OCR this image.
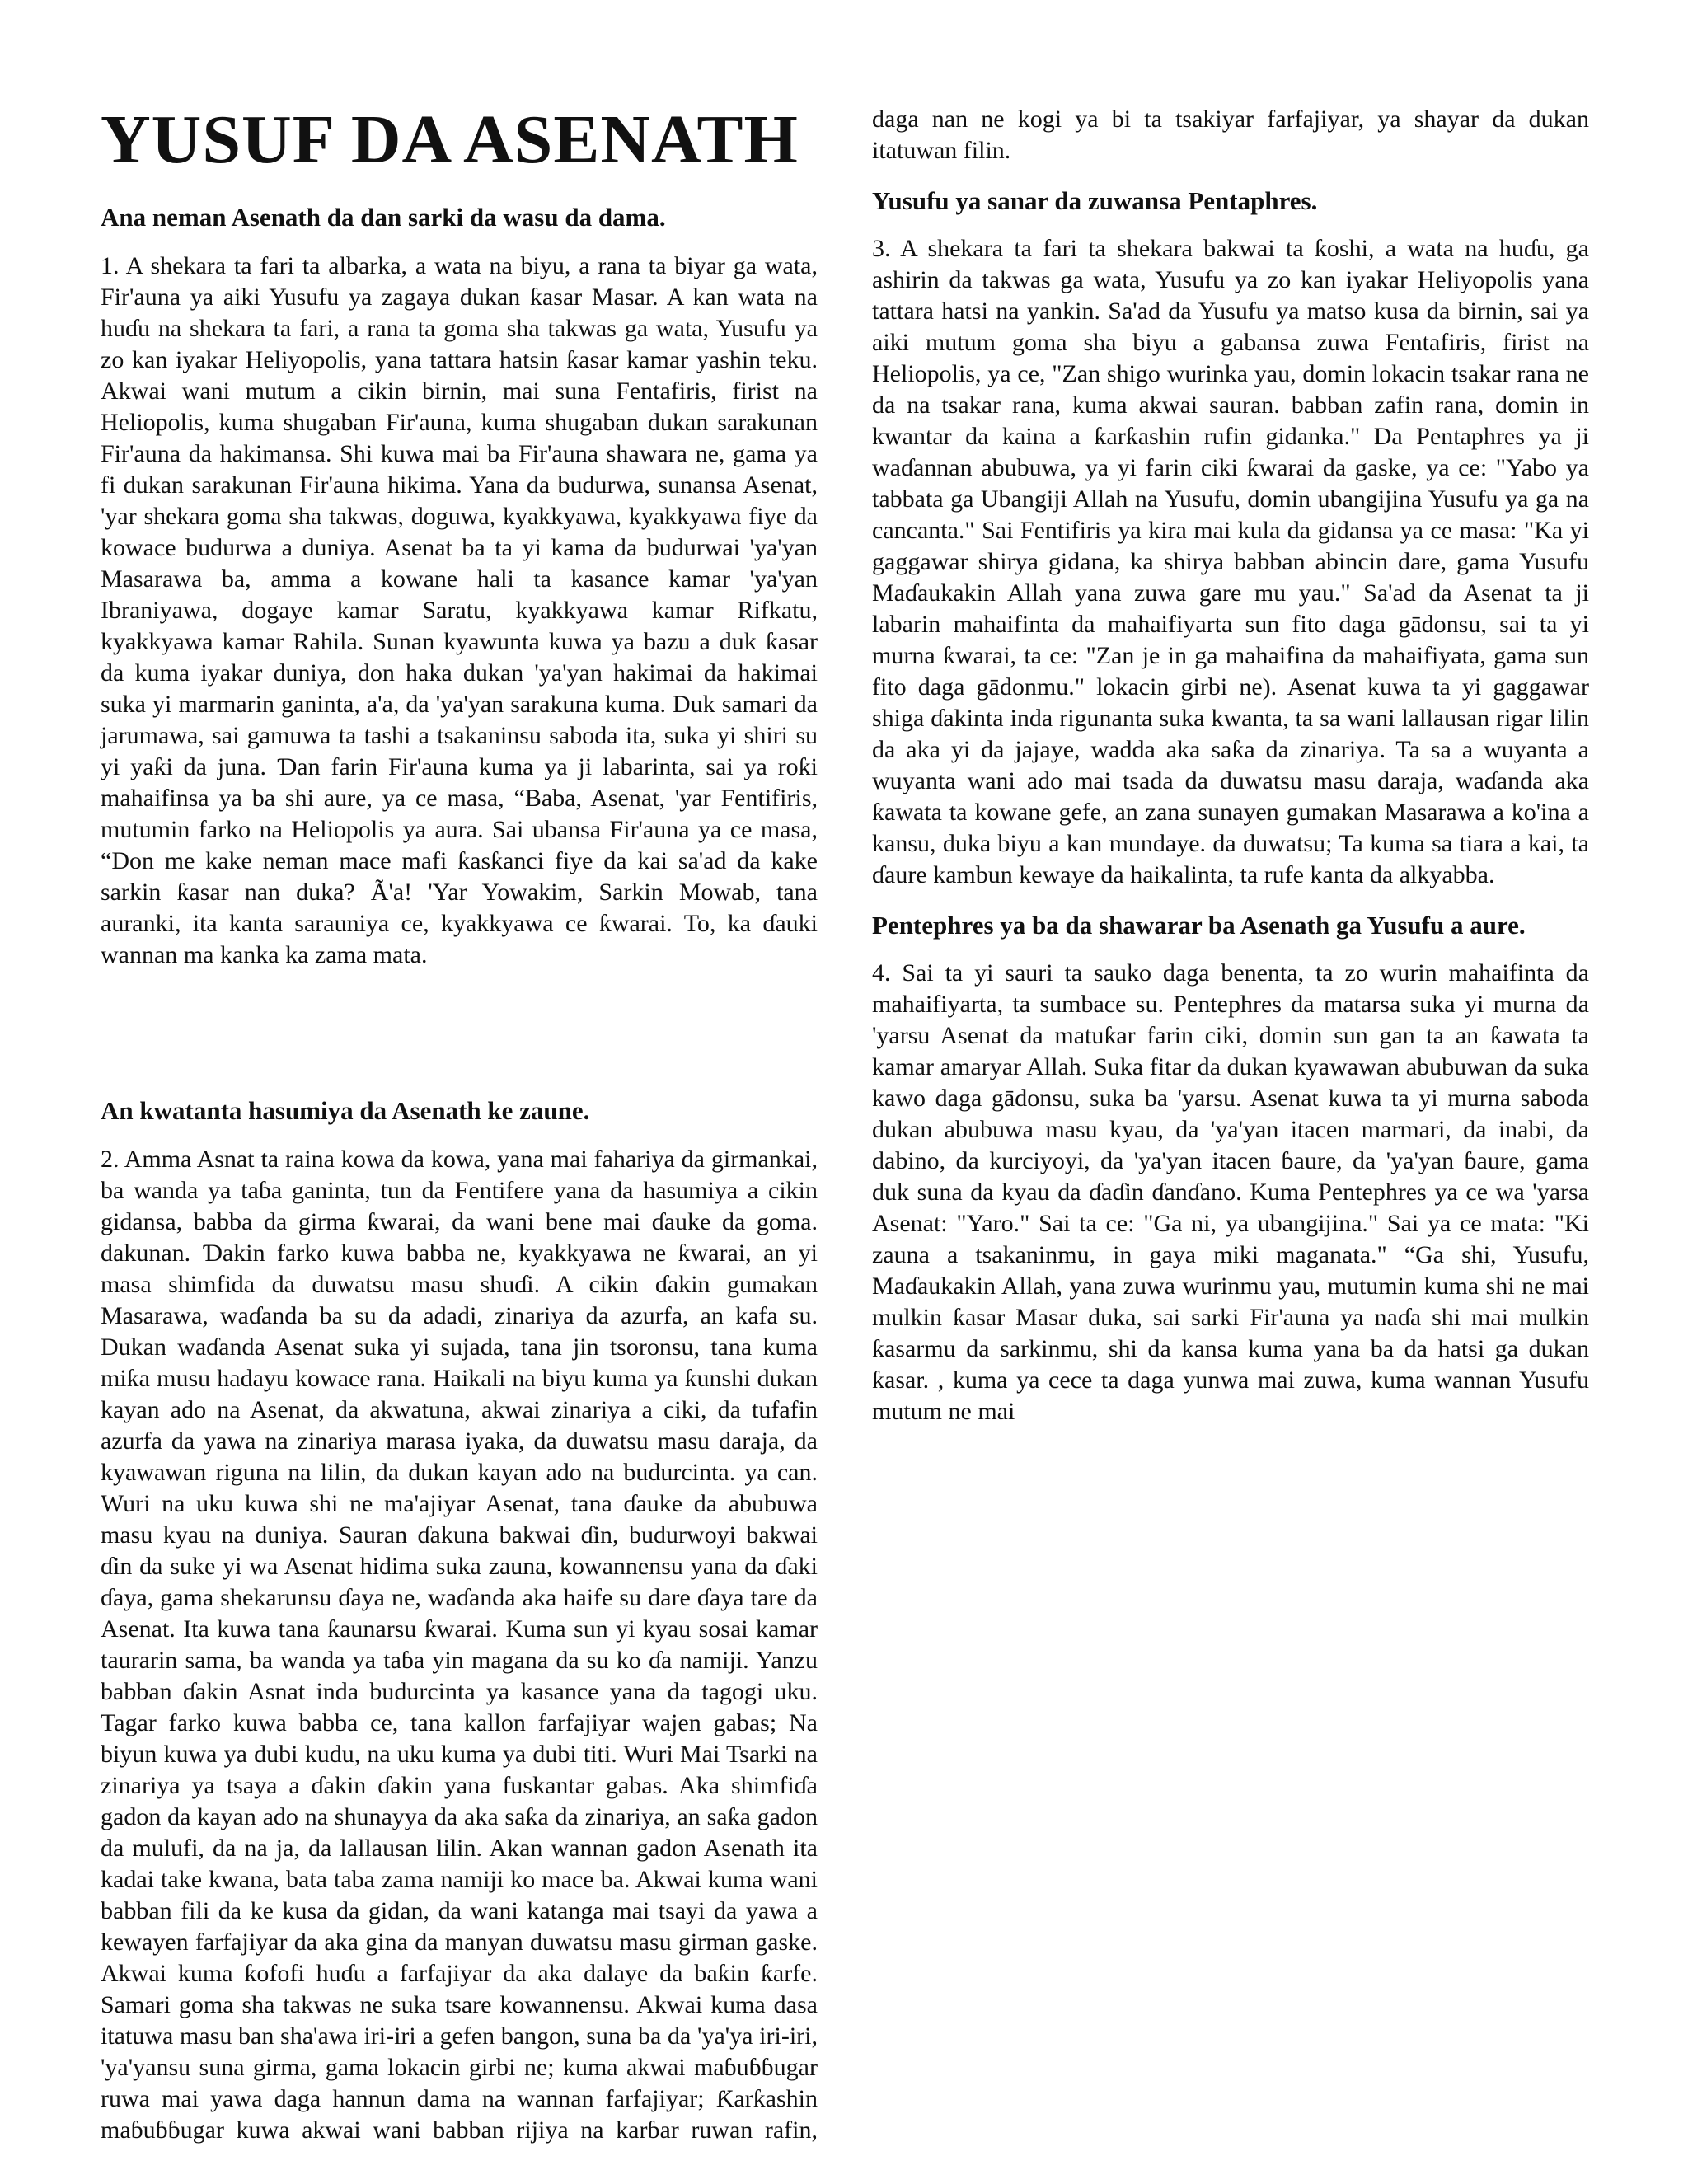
YUSUF DA ASENATH

Ana neman Asenath da dan sarki da wasu da dama.

1. A shekara ta fari ta albarka, a wata na biyu, a rana ta biyar ga wata, Fir'auna ya aiki Yusufu ya zagaya dukan ƙasar Masar. A kan wata na huɗu na shekara ta fari, a rana ta goma sha takwas ga wata, Yusufu ya zo kan iyakar Heliyopolis, yana tattara hatsin ƙasar kamar yashin teku. Akwai wani mutum a cikin birnin, mai suna Fentafiris, firist na Heliopolis, kuma shugaban Fir'auna, kuma shugaban dukan sarakunan Fir'auna da hakimansa. Shi kuwa mai ba Fir'auna shawara ne, gama ya fi dukan sarakunan Fir'auna hikima. Yana da budurwa, sunansa Asenat, 'yar shekara goma sha takwas, doguwa, kyakkyawa, kyakkyawa fiye da kowace budurwa a duniya. Asenat ba ta yi kama da budurwai 'ya'yan Masarawa ba, amma a kowane hali ta kasance kamar 'ya'yan Ibraniyawa, dogaye kamar Saratu, kyakkyawa kamar Rifkatu, kyakkyawa kamar Rahila. Sunan kyawunta kuwa ya bazu a duk ƙasar da kuma iyakar duniya, don haka dukan 'ya'yan hakimai da hakimai suka yi marmarin ganinta, a'a, da 'ya'yan sarakuna kuma. Duk samari da jarumawa, sai gamuwa ta tashi a tsakaninsu saboda ita, suka yi shiri su yi yaƙi da juna. Ɗan farin Fir'auna kuma ya ji labarinta, sai ya roƙi mahaifinsa ya ba shi aure, ya ce masa, “Baba, Asenat, 'yar Fentifiris, mutumin farko na Heliopolis ya aura. Sai ubansa Fir'auna ya ce masa, “Don me kake neman mace mafi ƙasƙanci fiye da kai sa'ad da kake sarkin ƙasar nan duka? Ã'a! 'Yar Yowakim, Sarkin Mowab, tana auranki, ita kanta sarauniya ce, kyakkyawa ce ƙwarai. To, ka ɗauki wannan ma kanka ka zama mata.

An kwatanta hasumiya da Asenath ke zaune.

2. Amma Asnat ta raina kowa da kowa, yana mai fahariya da girmankai, ba wanda ya taɓa ganinta, tun da Fentifere yana da hasumiya a cikin gidansa, babba da girma ƙwarai, da wani bene mai ɗauke da goma. dakunan. Ɗakin farko kuwa babba ne, kyakkyawa ne ƙwarai, an yi masa shimfida da duwatsu masu shuɗi. A cikin ɗakin gumakan Masarawa, waɗanda ba su da adadi, zinariya da azurfa, an kafa su. Dukan waɗanda Asenat suka yi sujada, tana jin tsoronsu, tana kuma miƙa musu hadayu kowace rana. Haikali na biyu kuma ya ƙunshi dukan kayan ado na Asenat, da akwatuna, akwai zinariya a ciki, da tufafin azurfa da yawa na zinariya marasa iyaka, da duwatsu masu daraja, da kyawawan riguna na lilin, da dukan kayan ado na budurcinta. ya can. Wuri na uku kuwa shi ne ma'ajiyar Asenat, tana ɗauke da abubuwa masu kyau na duniya. Sauran ɗakuna bakwai ɗin, budurwoyi bakwai ɗin da suke yi wa Asenat hidima suka zauna, kowannensu yana da ɗaki ɗaya, gama shekarunsu ɗaya ne, waɗanda aka haife su dare ɗaya tare da Asenat. Ita kuwa tana ƙaunarsu ƙwarai. Kuma sun yi kyau sosai kamar taurarin sama, ba wanda ya taɓa yin magana da su ko ɗa namiji. Yanzu babban ɗakin Asnat inda budurcinta ya kasance yana da tagogi uku. Tagar farko kuwa babba ce, tana kallon farfajiyar wajen gabas; Na biyun kuwa ya dubi kudu, na uku kuma ya dubi titi. Wuri Mai Tsarki na zinariya ya tsaya a ɗakin ɗakin yana fuskantar gabas. Aka shimfiɗa gadon da kayan ado na shunayya da aka saƙa da zinariya, an saƙa gadon da mulufi, da na ja, da lallausan lilin. Akan wannan gadon Asenath ita kadai take kwana, bata taba zama namiji ko mace ba. Akwai kuma wani babban fili da ke kusa da gidan, da wani katanga mai tsayi da yawa a kewayen farfajiyar da aka gina da manyan duwatsu masu girman gaske. Akwai kuma ƙofofi huɗu a farfajiyar da aka dalaye da baƙin ƙarfe. Samari goma sha takwas ne suka tsare kowannensu. Akwai kuma dasa itatuwa masu ban sha'awa iri-iri a gefen bangon, suna ba da 'ya'ya iri-iri, 'ya'yansu suna girma, gama lokacin girbi ne; kuma akwai maɓuɓɓugar ruwa mai yawa daga hannun dama na wannan farfajiyar; Ƙarƙashin maɓuɓɓugar kuwa akwai wani babban rijiya na karɓar ruwan rafin,

Yusufu ya sanar da zuwansa Pentaphres.

3. A shekara ta fari ta shekara bakwai ta ƙoshi, a wata na huɗu, ga ashirin da takwas ga wata, Yusufu ya zo kan iyakar Heliyopolis yana tattara hatsi na yankin. Sa'ad da Yusufu ya matso kusa da birnin, sai ya aiki mutum goma sha biyu a gabansa zuwa Fentafiris, firist na Heliopolis, ya ce, "Zan shigo wurinka yau, domin lokacin tsakar rana ne da na tsakar rana, kuma akwai sauran. babban zafin rana, domin in kwantar da kaina a ƙarƙashin rufin gidanka." Da Pentaphres ya ji waɗannan abubuwa, ya yi farin ciki ƙwarai da gaske, ya ce: "Yabo ya tabbata ga Ubangiji Allah na Yusufu, domin ubangijina Yusufu ya ga na cancanta." Sai Fentifiris ya kira mai kula da gidansa ya ce masa: "Ka yi gaggawar shirya gidana, ka shirya babban abincin dare, gama Yusufu Maɗaukakin Allah yana zuwa gare mu yau." Sa'ad da Asenat ta ji labarin mahaifinta da mahaifiyarta sun fito daga gādonsu, sai ta yi murna ƙwarai, ta ce: "Zan je in ga mahaifina da mahaifiyata, gama sun fito daga gādonmu." lokacin girbi ne). Asenat kuwa ta yi gaggawar shiga ɗakinta inda rigunanta suka kwanta, ta sa wani lallausan rigar lilin da aka yi da jajaye, wadda aka saƙa da zinariya. Ta sa a wuyanta a wuyanta wani ado mai tsada da duwatsu masu daraja, waɗanda aka ƙawata ta kowane gefe, an zana sunayen gumakan Masarawa a ko'ina a kansu, duka biyu a kan mundaye. da duwatsu; Ta kuma sa tiara a kai, ta ɗaure kambun kewaye da haikalinta, ta rufe kanta da alkyabba.

Pentephres ya ba da shawarar ba Asenath ga Yusufu a aure.

4. Sai ta yi sauri ta sauko daga benenta, ta zo wurin mahaifinta da mahaifiyarta, ta sumbace su. Pentephres da matarsa suka yi murna da 'yarsu Asenat da matuƙar farin ciki, domin sun gan ta an ƙawata ta kamar amaryar Allah. Suka fitar da dukan kyawawan abubuwan da suka kawo daga gādonsu, suka ba 'yarsu. Asenat kuwa ta yi murna saboda dukan abubuwa masu kyau, da 'ya'yan itacen marmari, da inabi, da dabino, da kurciyoyi, da 'ya'yan itacen ɓaure, da 'ya'yan ɓaure, gama duk suna da kyau da ɗaɗin ɗanɗano. Kuma Pentephres ya ce wa 'yarsa Asenat: "Yaro." Sai ta ce: "Ga ni, ya ubangijina." Sai ya ce mata: "Ki zauna a tsakaninmu, in gaya miki maganata." “Ga shi, Yusufu, Maɗaukakin Allah, yana zuwa wurinmu yau, mutumin kuma shi ne mai mulkin ƙasar Masar duka, sai sarki Fir'auna ya naɗa shi mai mulkin ƙasarmu da sarkinmu, shi da kansa kuma yana ba da hatsi ga dukan ƙasar. , kuma ya cece ta daga yunwa mai zuwa, kuma wannan Yusufu mutum ne mai

daga nan ne kogi ya bi ta tsakiyar farfajiyar, ya shayar da dukan itatuwan filin.
